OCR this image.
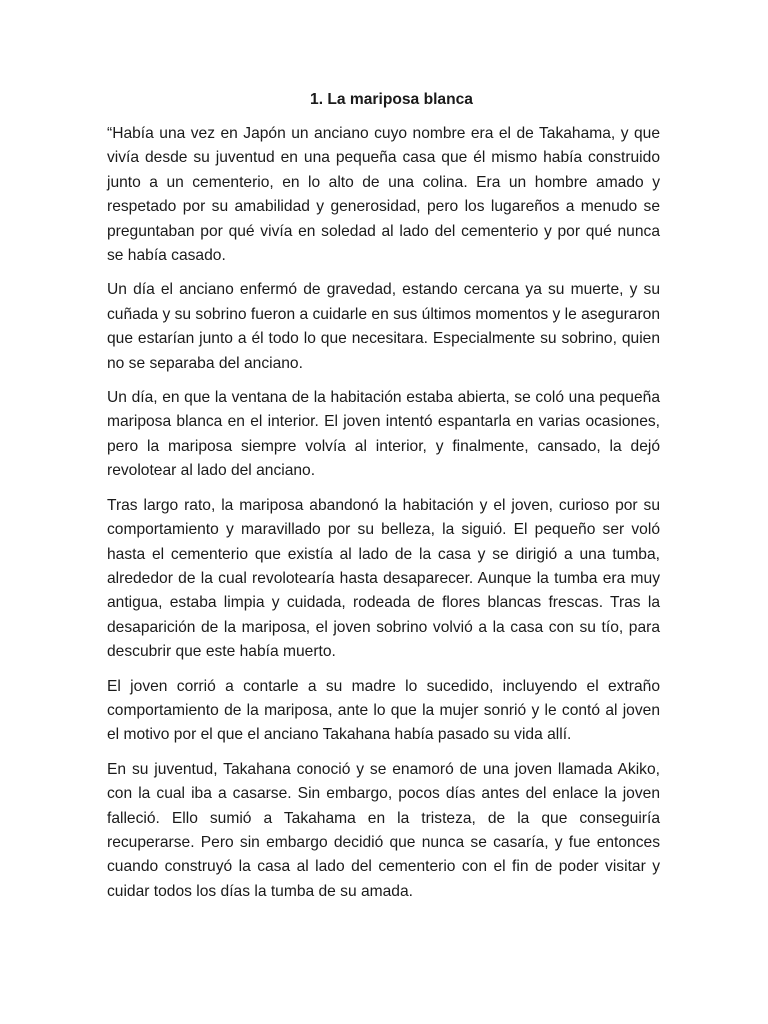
1. La mariposa blanca

“Había una vez en Japón un anciano cuyo nombre era el de Takahama, y que vivía desde su juventud en una pequeña casa que él mismo había construido junto a un cementerio, en lo alto de una colina. Era un hombre amado y respetado por su amabilidad y generosidad, pero los lugareños a menudo se preguntaban por qué vivía en soledad al lado del cementerio y por qué nunca se había casado.

Un día el anciano enfermó de gravedad, estando cercana ya su muerte, y su cuñada y su sobrino fueron a cuidarle en sus últimos momentos y le aseguraron que estarían junto a él todo lo que necesitara. Especialmente su sobrino, quien no se separaba del anciano.

Un día, en que la ventana de la habitación estaba abierta, se coló una pequeña mariposa blanca en el interior. El joven intentó espantarla en varias ocasiones, pero la mariposa siempre volvía al interior, y finalmente, cansado, la dejó revolotear al lado del anciano.

Tras largo rato, la mariposa abandonó la habitación y el joven, curioso por su comportamiento y maravillado por su belleza, la siguió. El pequeño ser voló hasta el cementerio que existía al lado de la casa y se dirigió a una tumba, alrededor de la cual revolotearía hasta desaparecer. Aunque la tumba era muy antigua, estaba limpia y cuidada, rodeada de flores blancas frescas. Tras la desaparición de la mariposa, el joven sobrino volvió a la casa con su tío, para descubrir que este había muerto.

El joven corrió a contarle a su madre lo sucedido, incluyendo el extraño comportamiento de la mariposa, ante lo que la mujer sonrió y le contó al joven el motivo por el que el anciano Takahana había pasado su vida allí.

En su juventud, Takahana conoció y se enamoró de una joven llamada Akiko, con la cual iba a casarse. Sin embargo, pocos días antes del enlace la joven falleció. Ello sumió a Takahama en la tristeza, de la que conseguiría recuperarse. Pero sin embargo decidió que nunca se casaría, y fue entonces cuando construyó la casa al lado del cementerio con el fin de poder visitar y cuidar todos los días la tumba de su amada.
